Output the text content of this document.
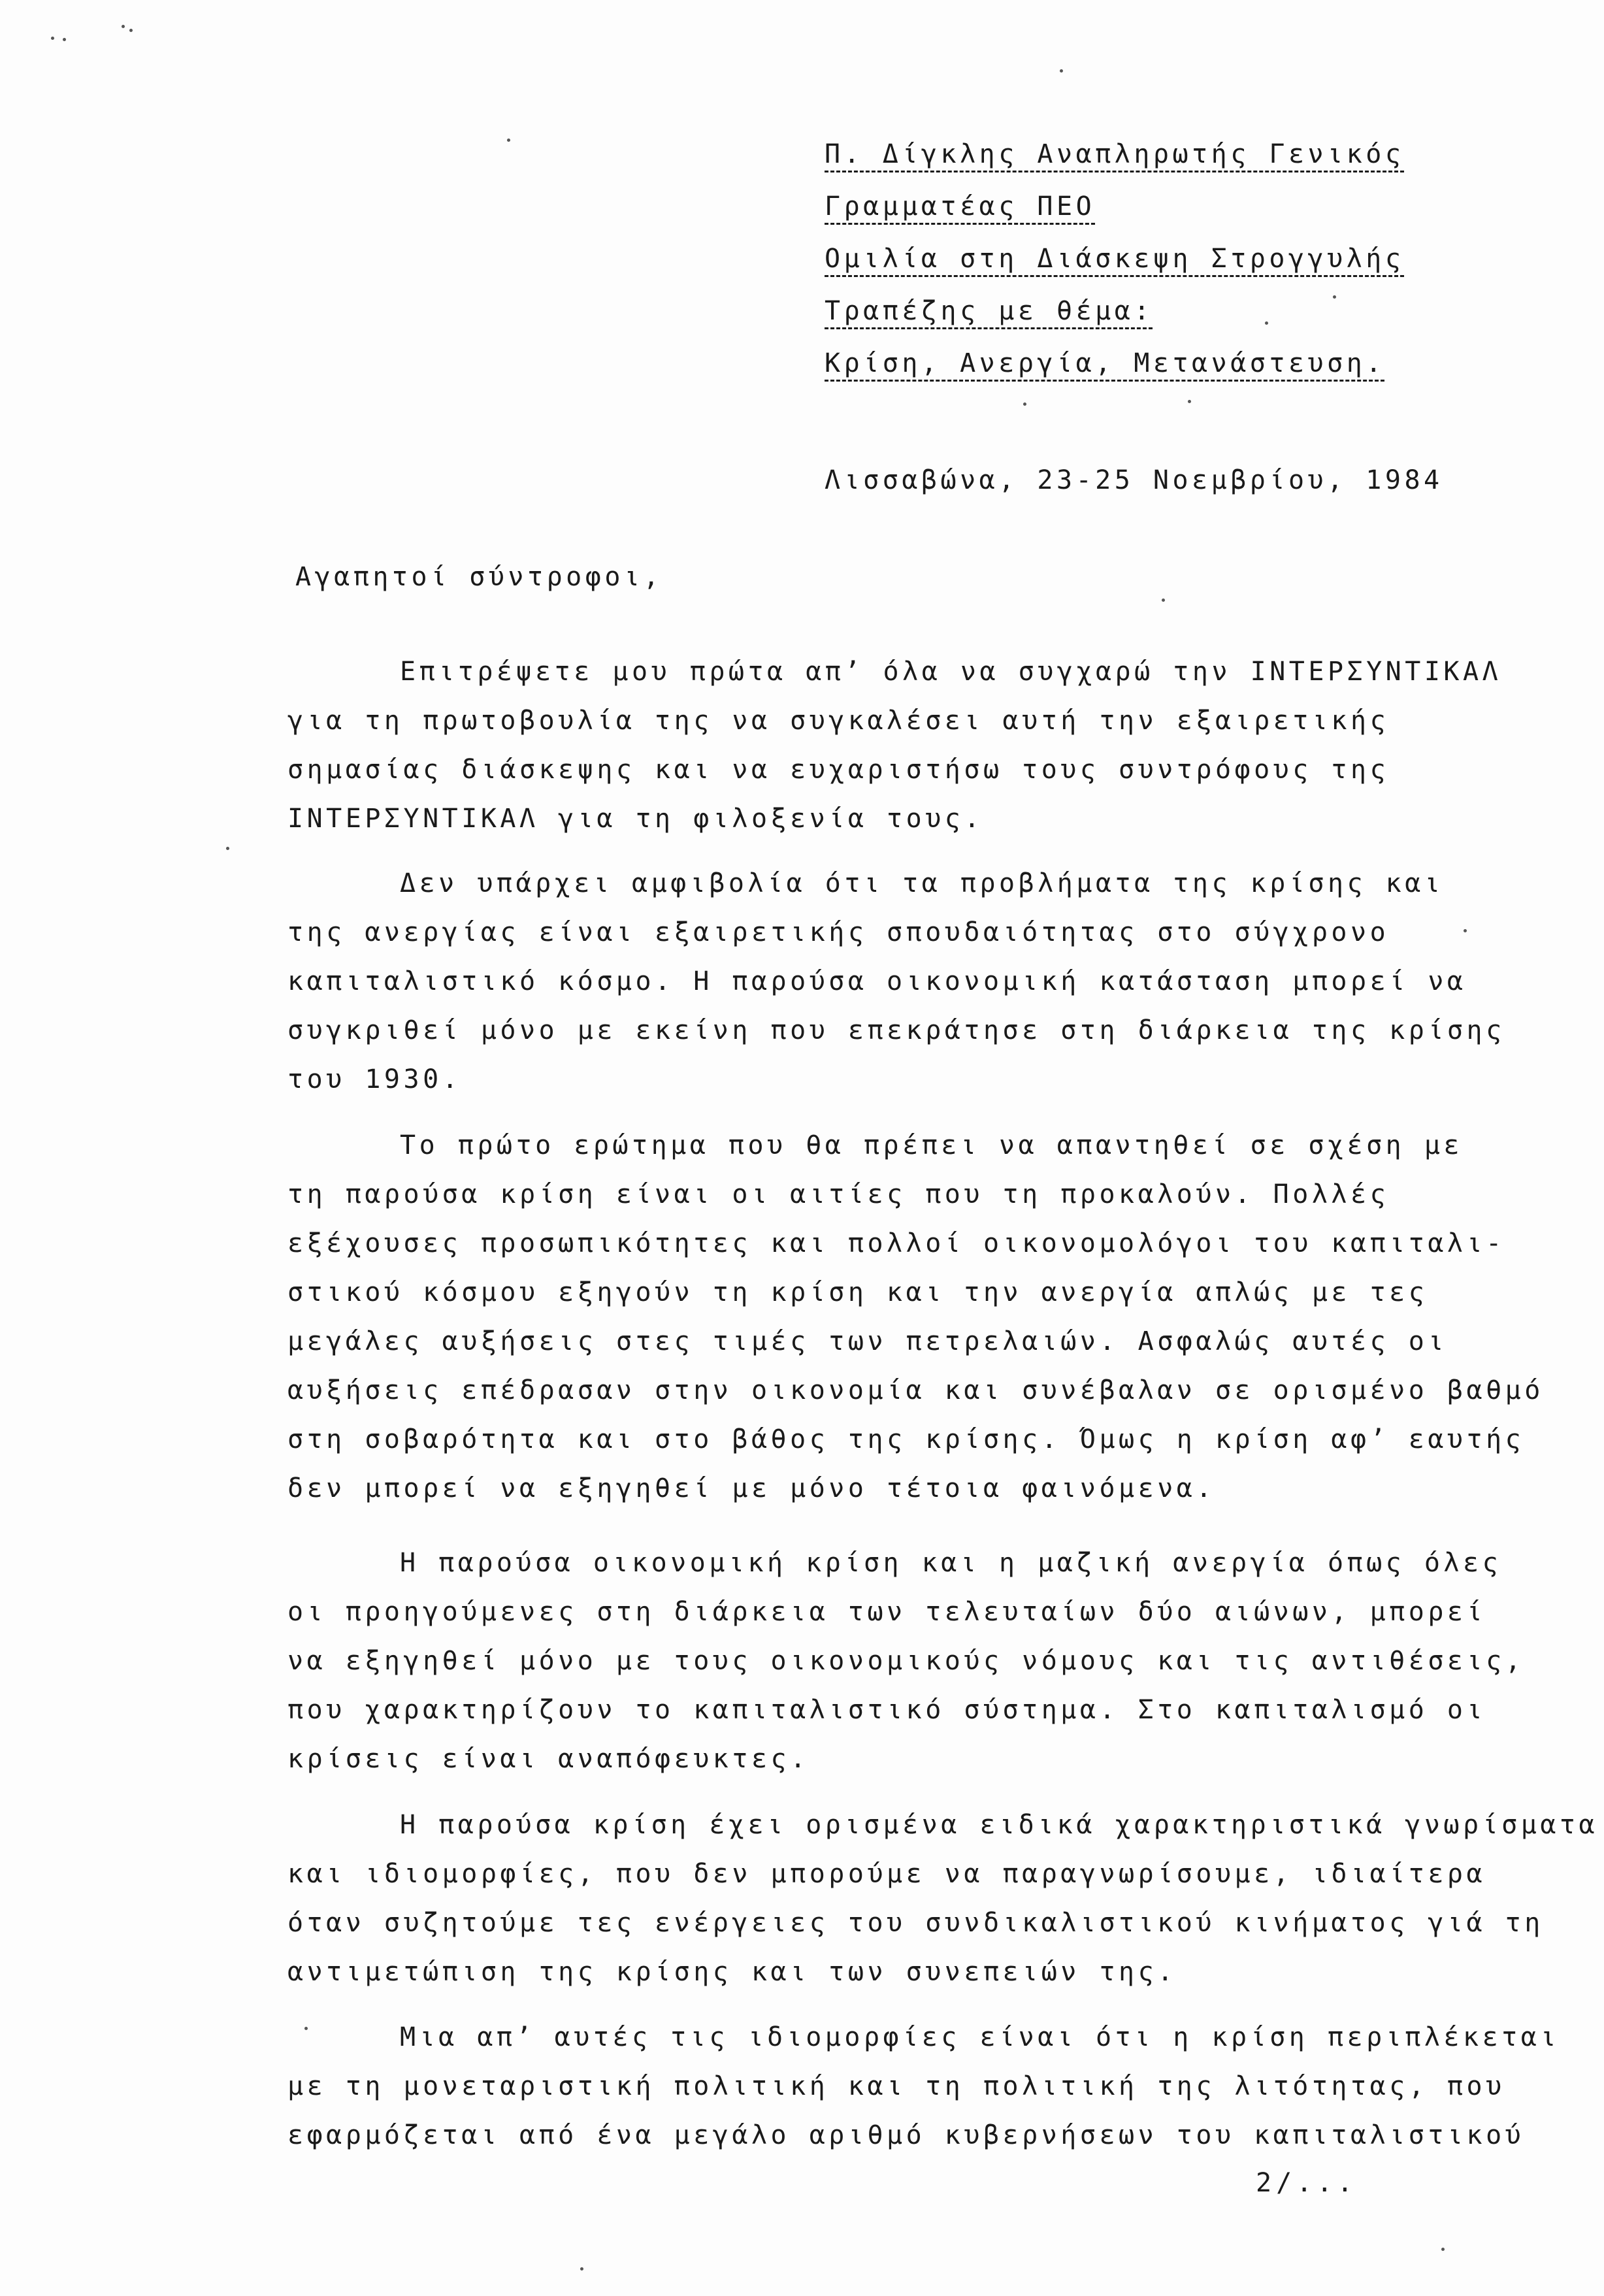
Π. Δίγκλης Αναπληρωτής Γενικός
Γραμματέας ΠΕΟ
Ομιλία στη Διάσκεψη Στρογγυλής
Τραπέζης με θέμα:
Κρίση, Ανεργία, Μετανάστευση.
Λισσαβώνα, 23-25 Νοεμβρίου, 1984
Αγαπητοί σύντροφοι,
Επιτρέψετε μου πρώτα απ’ όλα να συγχαρώ την ΙΝΤΕΡΣΥΝΤΙΚΑΛ
για τη πρωτοβουλία της να συγκαλέσει αυτή την εξαιρετικής
σημασίας διάσκεψης και να ευχαριστήσω τους συντρόφους της
ΙΝΤΕΡΣΥΝΤΙΚΑΛ για τη φιλοξενία τους.
Δεν υπάρχει αμφιβολία ότι τα προβλήματα της κρίσης και
της ανεργίας είναι εξαιρετικής σπουδαιότητας στο σύγχρονο
καπιταλιστικό κόσμο. Η παρούσα οικονομική κατάσταση μπορεί να
συγκριθεί μόνο με εκείνη που επεκράτησε στη διάρκεια της κρίσης
του 1930.
Το πρώτο ερώτημα που θα πρέπει να απαντηθεί σε σχέση με
τη παρούσα κρίση είναι οι αιτίες που τη προκαλούν. Πολλές
εξέχουσες προσωπικότητες και πολλοί οικονομολόγοι του καπιταλι-
στικού κόσμου εξηγούν τη κρίση και την ανεργία απλώς με τες
μεγάλες αυξήσεις στες τιμές των πετρελαιών. Ασφαλώς αυτές οι
αυξήσεις επέδρασαν στην οικονομία και συνέβαλαν σε ορισμένο βαθμό
στη σοβαρότητα και στο βάθος της κρίσης. Όμως η κρίση αφ’ εαυτής
δεν μπορεί να εξηγηθεί με μόνο τέτοια φαινόμενα.
Η παρούσα οικονομική κρίση και η μαζική ανεργία όπως όλες
οι προηγούμενες στη διάρκεια των τελευταίων δύο αιώνων, μπορεί
να εξηγηθεί μόνο με τους οικονομικούς νόμους και τις αντιθέσεις,
που χαρακτηρίζουν το καπιταλιστικό σύστημα. Στο καπιταλισμό οι
κρίσεις είναι αναπόφευκτες.
Η παρούσα κρίση έχει ορισμένα ειδικά χαρακτηριστικά γνωρίσματα
και ιδιομορφίες, που δεν μπορούμε να παραγνωρίσουμε, ιδιαίτερα
όταν συζητούμε τες ενέργειες του συνδικαλιστικού κινήματος γιά τη
αντιμετώπιση της κρίσης και των συνεπειών της.
Μια απ’ αυτές τις ιδιομορφίες είναι ότι η κρίση περιπλέκεται
με τη μονεταριστική πολιτική και τη πολιτική της λιτότητας, που
εφαρμόζεται από ένα μεγάλο αριθμό κυβερνήσεων του καπιταλιστικού
2/...
